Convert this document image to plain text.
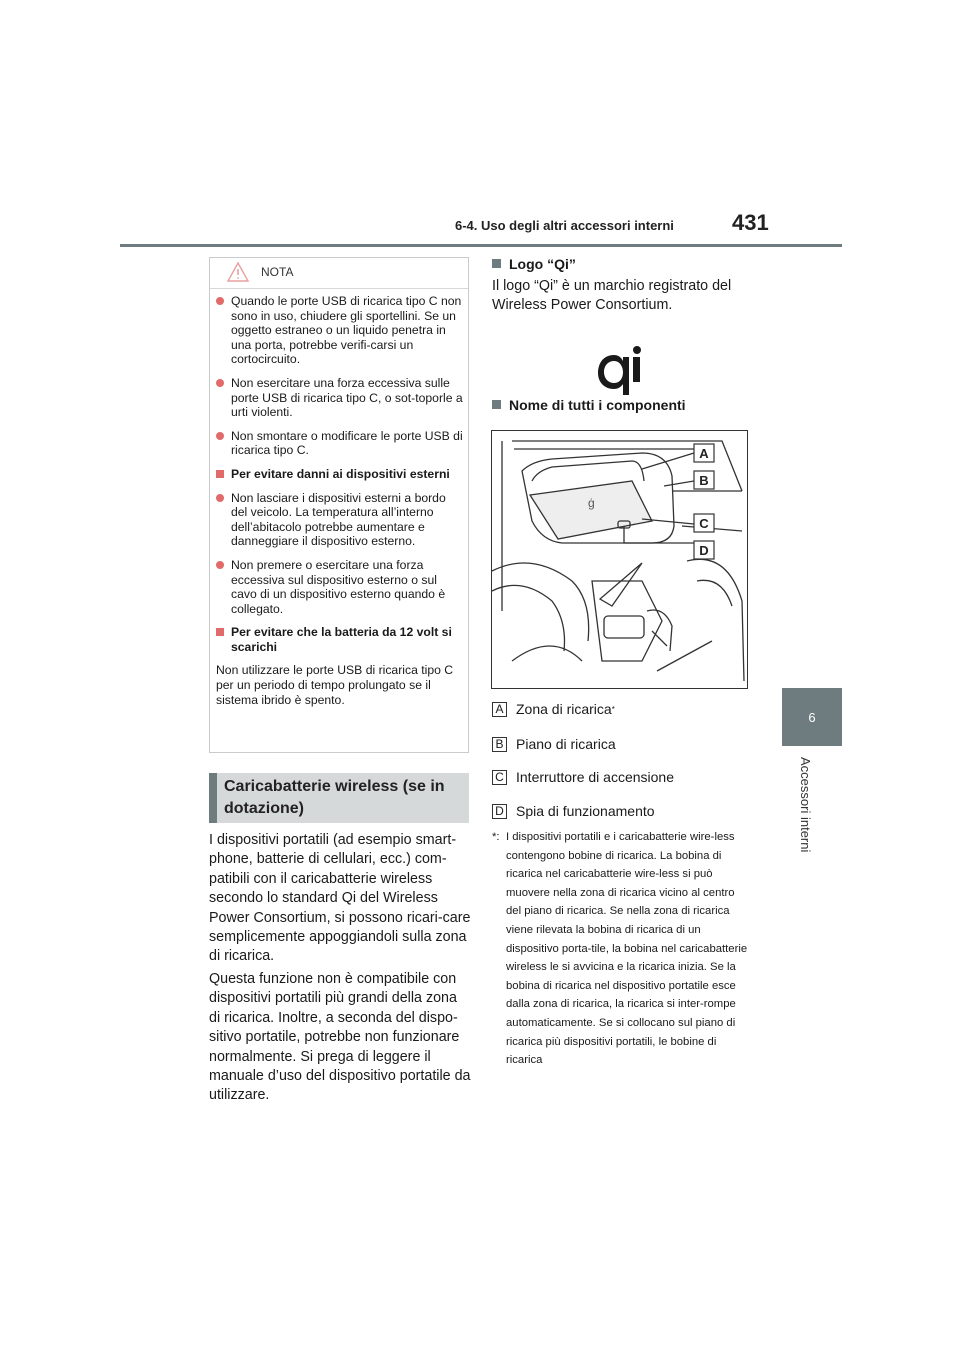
6-4. Uso degli altri accessori interni	431
6
Accessori interni
NOTA
Quando le porte USB di ricarica tipo C non sono in uso, chiudere gli sportellini. Se un oggetto estraneo o un liquido penetra in una porta, potrebbe verifi-carsi un cortocircuito.
Non esercitare una forza eccessiva sulle porte USB di ricarica tipo C, o sot-toporle a urti violenti.
Non smontare o modificare le porte USB di ricarica tipo C.
Per evitare danni ai dispositivi esterni
Non lasciare i dispositivi esterni a bordo del veicolo. La temperatura all’interno dell’abitacolo potrebbe aumentare e danneggiare il dispositivo esterno.
Non premere o esercitare una forza eccessiva sul dispositivo esterno o sul cavo di un dispositivo esterno quando è collegato.
Per evitare che la batteria da 12 volt si scarichi
Non utilizzare le porte USB di ricarica tipo C per un periodo di tempo prolungato se il sistema ibrido è spento.
Caricabatterie wireless (se in dotazione)
I dispositivi portatili (ad esempio smart-phone, batterie di cellulari, ecc.) com-patibili con il caricabatterie wireless secondo lo standard Qi del Wireless Power Consortium, si possono ricari-care semplicemente appoggiandoli sulla zona di ricarica.
Questa funzione non è compatibile con dispositivi portatili più grandi della zona di ricarica. Inoltre, a seconda del dispo-sitivo portatile, potrebbe non funzionare normalmente. Si prega di leggere il manuale d’uso del dispositivo portatile da utilizzare.
Logo “Qi”
Il logo “Qi” è un marchio registrato del Wireless Power Consortium.
Nome di tutti i componenti
ġ
A
B
C
D
A Zona di ricarica *
B Piano di ricarica
C Interruttore di accensione
D Spia di funzionamento
*: I dispositivi portatili e i caricabatterie wire-less contengono bobine di ricarica. La bobina di ricarica nel caricabatterie wire-less si può muovere nella zona di ricarica vicino al centro del piano di ricarica. Se nella zona di ricarica viene rilevata la bobina di ricarica di un dispositivo porta-tile, la bobina nel caricabatterie wireless le si avvicina e la ricarica inizia. Se la bobina di ricarica nel dispositivo portatile esce dalla zona di ricarica, la ricarica si inter-rompe automaticamente. Se si collocano sul piano di ricarica più dispositivi portatili, le bobine di ricarica
